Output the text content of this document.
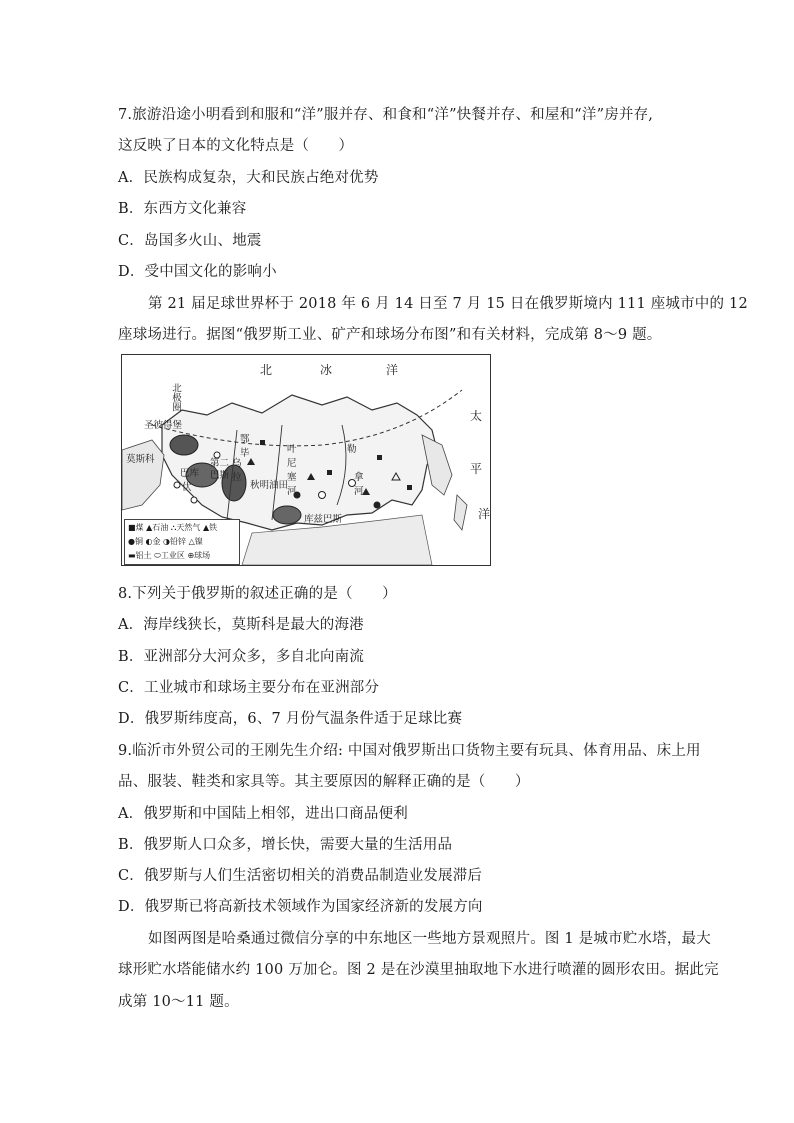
7.旅游沿途小明看到和服和“洋”服并存、和食和“洋”快餐并存、和屋和“洋”房并存,
这反映了日本的文化特点是（　　）
A．民族构成复杂，大和民族占绝对优势
B．东西方文化兼容
C．岛国多火山、地震
D．受中国文化的影响小
第 21 届足球世界杯于 2018 年 6 月 14 日至 7 月 15 日在俄罗斯境内 111 座城市中的 12
座球场进行。据图“俄罗斯工业、矿产和球场分布图”和有关材料，完成第 8～9 题。
北	冰	洋
太
平
洋
北极圈
圣彼得堡
莫斯科
巴库
第二
巴斯
伏
乌
拉
鄂
毕	叶
尼
塞
河
勒
拿
河
秋明油田
库兹巴斯
■煤 ▲石油 ⛬天然气 ▲铁
●铜 ◐金 ◑铅锌 △镍
▬铝土 ⬭工业区 ⊕球场
8.下列关于俄罗斯的叙述正确的是（　　）
A．海岸线狭长，莫斯科是最大的海港
B．亚洲部分大河众多，多自北向南流
C．工业城市和球场主要分布在亚洲部分
D．俄罗斯纬度高，6、7 月份气温条件适于足球比赛
9.临沂市外贸公司的王刚先生介绍: 中国对俄罗斯出口货物主要有玩具、体育用品、床上用
品、服装、鞋类和家具等。其主要原因的解释正确的是（　　）
A．俄罗斯和中国陆上相邻，进出口商品便利
B．俄罗斯人口众多，增长快，需要大量的生活用品
C．俄罗斯与人们生活密切相关的消费品制造业发展滞后
D．俄罗斯已将高新技术领域作为国家经济新的发展方向
如图两图是哈桑通过微信分享的中东地区一些地方景观照片。图 1 是城市贮水塔，最大
球形贮水塔能储水约 100 万加仑。图 2 是在沙漠里抽取地下水进行喷灌的圆形农田。据此完
成第 10～11 题。
